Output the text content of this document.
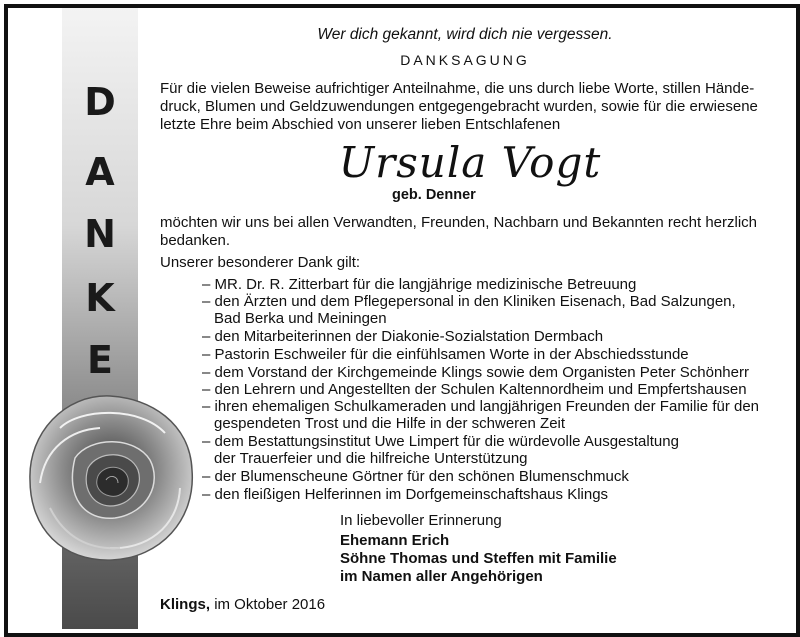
D
A
N
K
E
Wer dich gekannt, wird dich nie vergessen.
DANKSAGUNG
Für die vielen Beweise aufrichtiger Anteilnahme, die uns durch liebe Worte, stillen Hände-
druck, Blumen und Geldzuwendungen entgegengebracht wurden, sowie für die erwiesene
letzte Ehre beim Abschied von unserer lieben Entschlafenen
Ursula Vogt
geb. Denner
möchten wir uns bei allen Verwandten, Freunden, Nachbarn und Bekannten recht herzlich
bedanken.
Unserer besonderer Dank gilt:
– MR. Dr. R. Zitterbart für die langjährige medizinische Betreuung
– den Ärzten und dem Pflegepersonal in den Kliniken Eisenach, Bad Salzungen,
Bad Berka und Meiningen
– den Mitarbeiterinnen der Diakonie-Sozialstation Dermbach
– Pastorin Eschweiler für die einfühlsamen Worte in der Abschiedsstunde
– dem Vorstand der Kirchgemeinde Klings sowie dem Organisten Peter Schönherr
– den Lehrern und Angestellten der Schulen Kaltennordheim und Empfertshausen
– ihren ehemaligen Schulkameraden und langjährigen Freunden der Familie für den
gespendeten Trost und die Hilfe in der schweren Zeit
– dem Bestattungsinstitut Uwe Limpert für die würdevolle Ausgestaltung
der Trauerfeier und die hilfreiche Unterstützung
– der Blumenscheune Görtner für den schönen Blumenschmuck
– den fleißigen Helferinnen im Dorfgemeinschaftshaus Klings
In liebevoller Erinnerung
Ehemann Erich
Söhne Thomas und Steffen mit Familie
im Namen aller Angehörigen
Klings, im Oktober 2016
